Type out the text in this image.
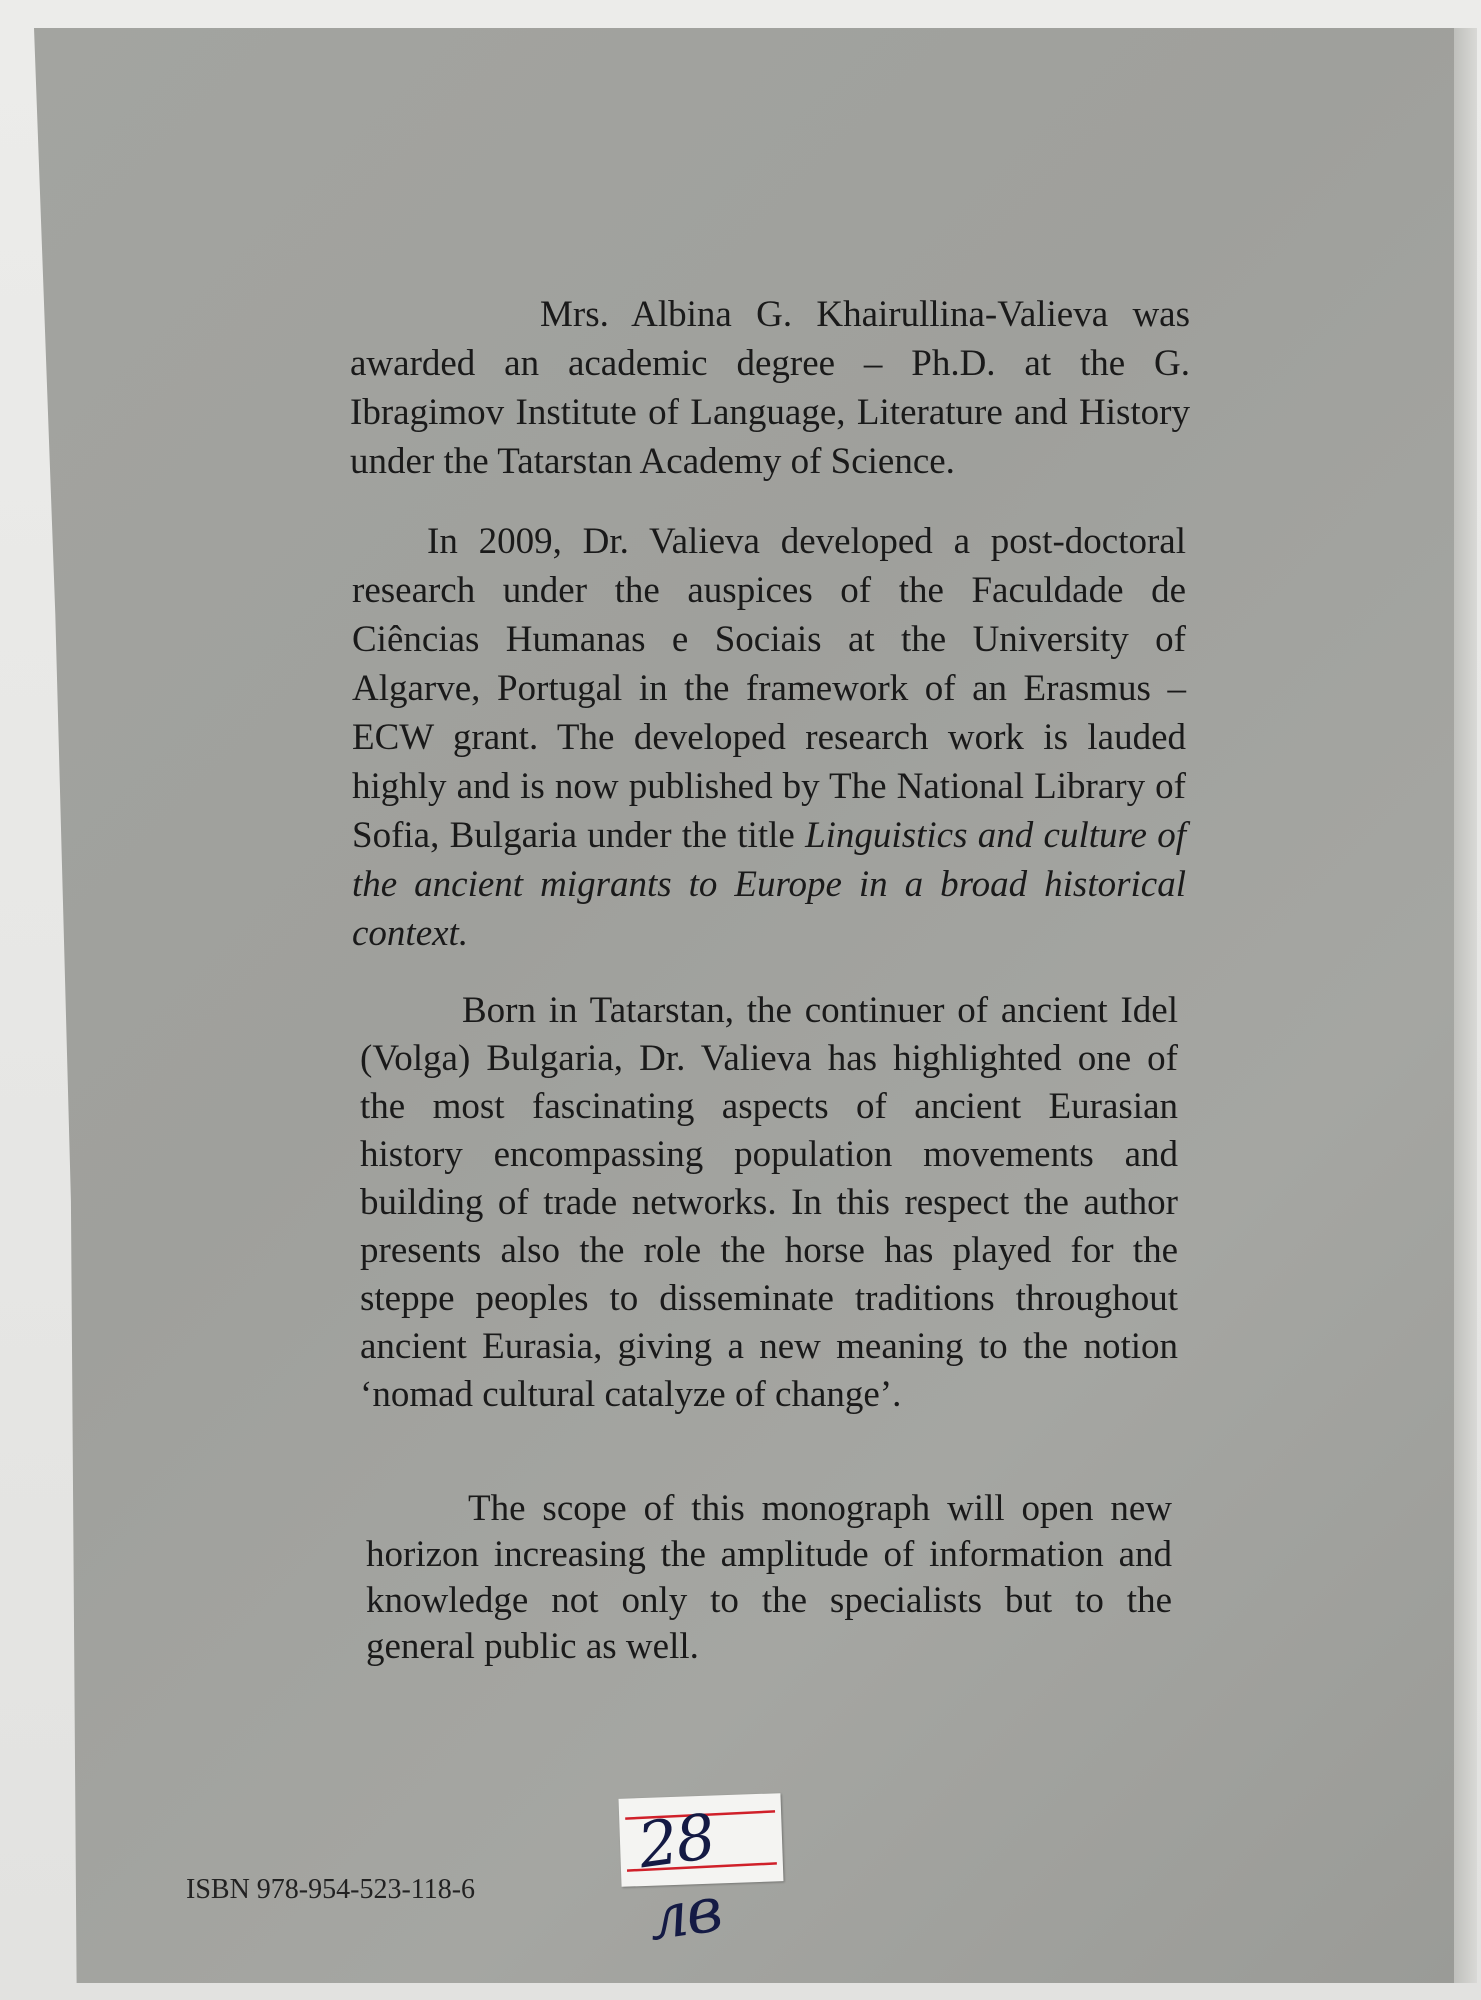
Mrs. Albina G. Khairullina-Valieva was awarded an academic degree – Ph.D. at the G. Ibragimov Institute of Language, Literature and History under the Tatarstan Academy of Science.

In 2009, Dr. Valieva developed a post-doctoral research under the auspices of the Faculdade de Ciências Humanas e Sociais at the University of Algarve, Portugal in the framework of an Erasmus – ECW grant. The developed research work is lauded highly and is now published by The National Library of Sofia, Bulgaria under the title Linguistics and culture of the ancient migrants to Europe in a broad historical context.

Born in Tatarstan, the continuer of ancient Idel (Volga) Bulgaria, Dr. Valieva has highlighted one of the most fascinating aspects of ancient Eurasian history encompassing population movements and building of trade networks. In this respect the author presents also the role the horse has played for the steppe peoples to disseminate traditions throughout ancient Eurasia, giving a new meaning to the notion ‘nomad cultural catalyze of change’.

The scope of this monograph will open new horizon increasing the amplitude of information and knowledge not only to the specialists but to the general public as well.

ISBN 978-954-523-118-6
28 лв
